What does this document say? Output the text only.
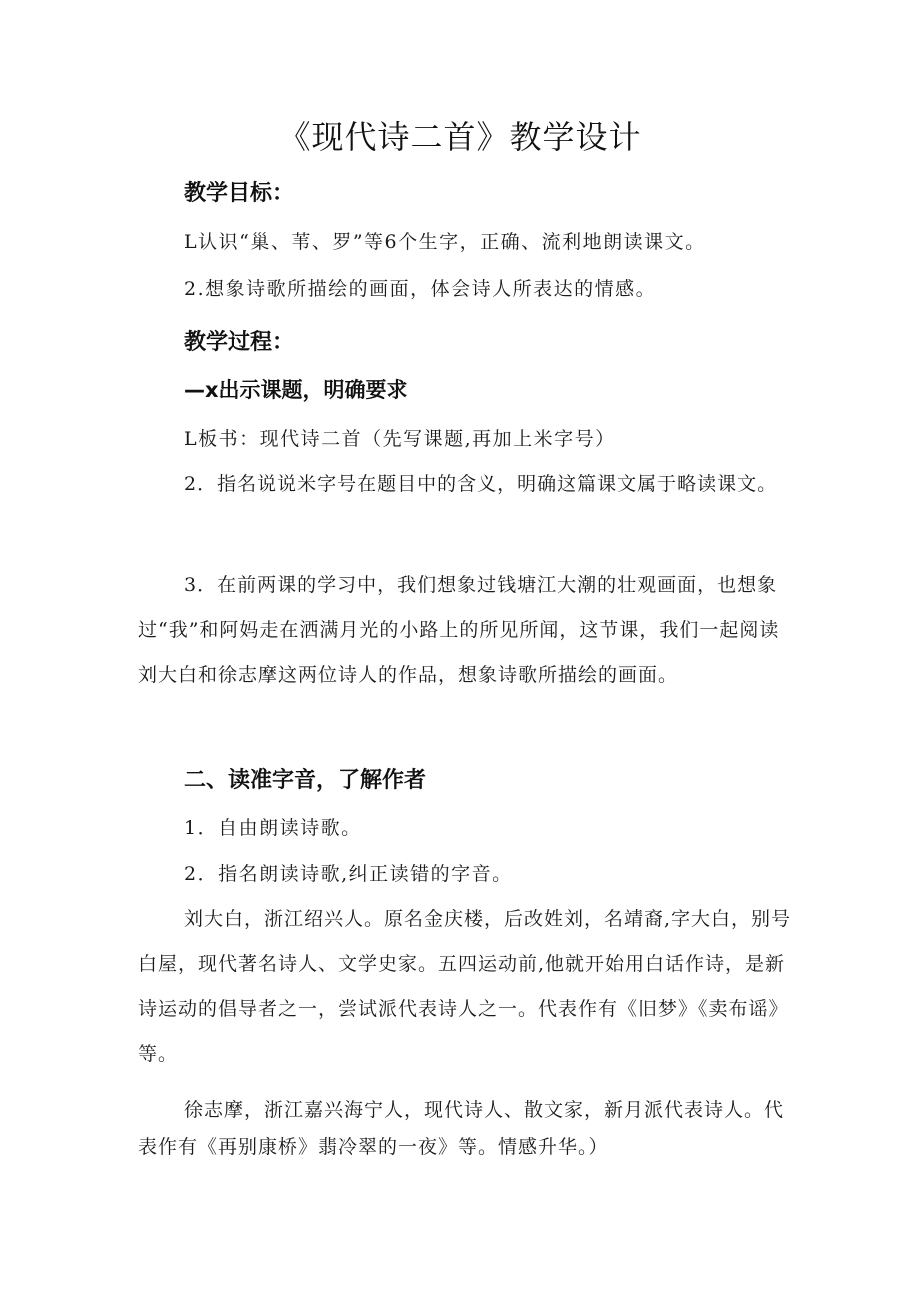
《现代诗二首》教学设计
教学目标：
L认识“巢、苇、罗”等6个生字，正确、流利地朗读课文。
2.想象诗歌所描绘的画面，体会诗人所表达的情感。
教学过程：
—x出示课题，明确要求
L板书：现代诗二首（先写课题,再加上米字号）
2．指名说说米字号在题目中的含义，明确这篇课文属于略读课文。
3．在前两课的学习中，我们想象过钱塘江大潮的壮观画面，也想象过“我”和阿妈走在洒满月光的小路上的所见所闻，这节课，我们一起阅读刘大白和徐志摩这两位诗人的作品，想象诗歌所描绘的画面。
二、读准字音，了解作者
1．自由朗读诗歌。
2．指名朗读诗歌,纠正读错的字音。
刘大白，浙江绍兴人。原名金庆楼，后改姓刘，名靖裔,字大白，别号白屋，现代著名诗人、文学史家。五四运动前,他就开始用白话作诗，是新诗运动的倡导者之一，尝试派代表诗人之一。代表作有《旧梦》《卖布谣》等。
徐志摩，浙江嘉兴海宁人，现代诗人、散文家，新月派代表诗人。代表作有《再别康桥》翡冷翠的一夜》等。情感升华。）
